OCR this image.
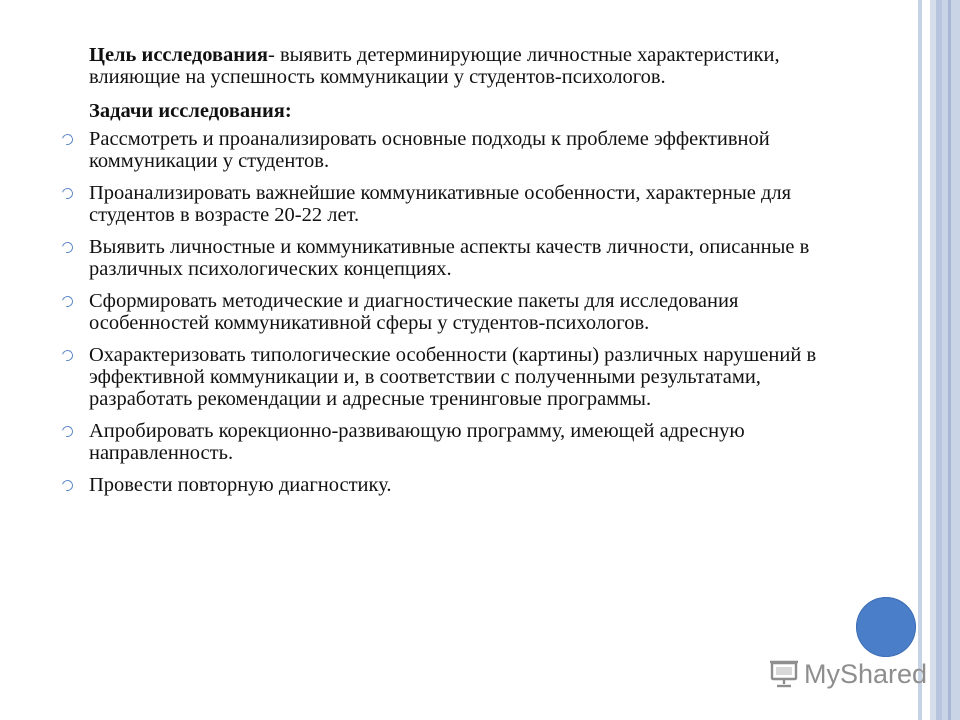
Цель исследования- выявить детерминирующие личностные характеристики, влияющие на успешность коммуникации у студентов-психологов.

Задачи исследования:

Рассмотреть и проанализировать основные подходы к проблеме эффективной коммуникации у студентов.
Проанализировать важнейшие коммуникативные особенности, характерные для студентов в возрасте 20-22 лет.
Выявить личностные и коммуникативные аспекты качеств личности, описанные в различных психологических концепциях.
Сформировать методические и диагностические пакеты для исследования особенностей коммуникативной сферы у студентов-психологов.
Охарактеризовать типологические особенности (картины) различных нарушений в эффективной коммуникации и, в соответствии с полученными результатами, разработать рекомендации и адресные тренинговые программы.
Апробировать корекционно-развивающую программу, имеющей адресную направленность.
Провести повторную диагностику.
MyShared
